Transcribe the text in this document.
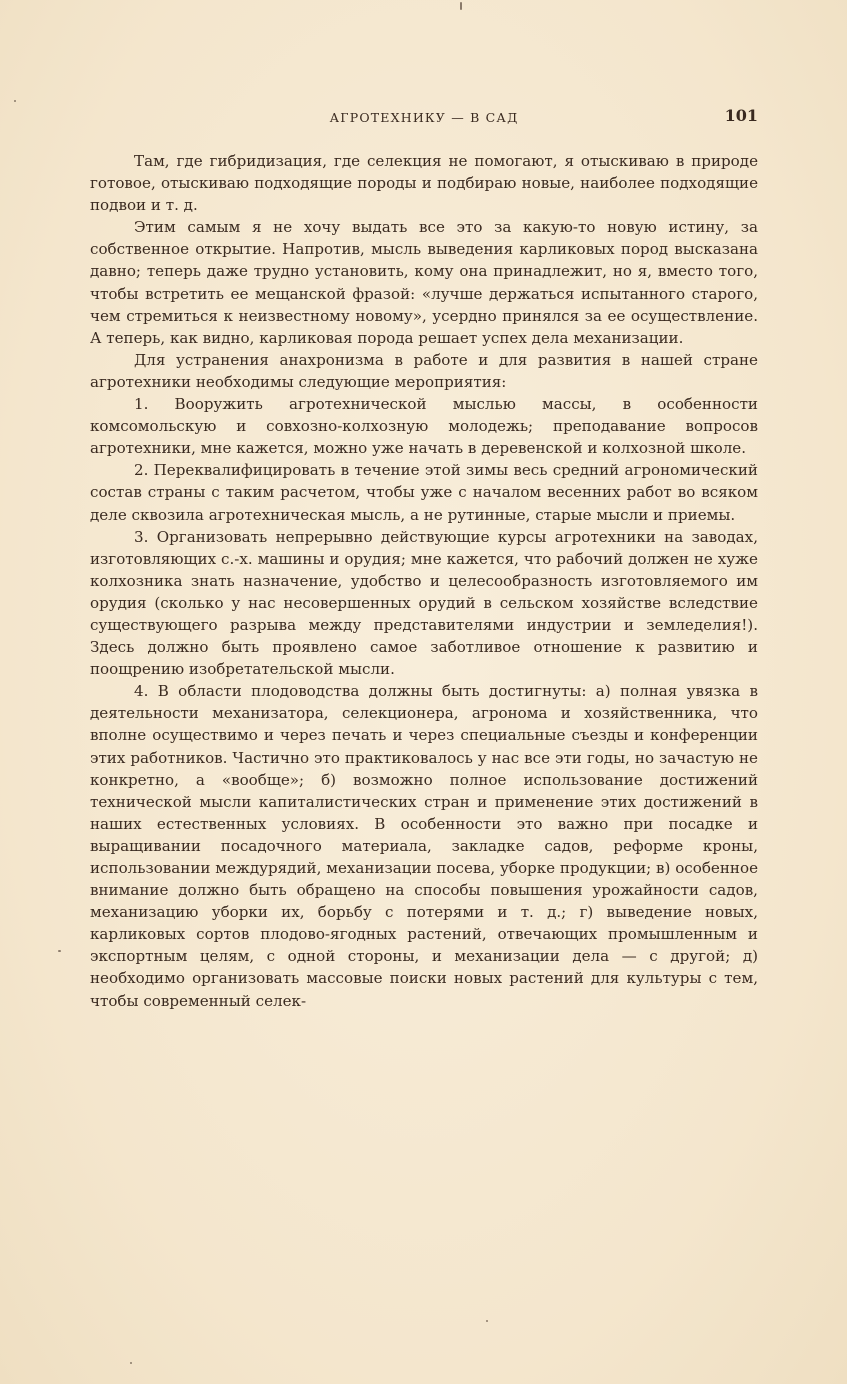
АГРОТЕХНИКУ — В САД	101

Там, где гибридизация, где селекция не помогают, я отыскиваю в природе готовое, отыскиваю подходящие породы и подбираю новые, наиболее подходящие подвои и т. д.

Этим самым я не хочу выдать все это за какую-то новую истину, за собственное открытие. Напротив, мысль выведения карликовых пород высказана давно; теперь даже трудно установить, кому она принадлежит, но я, вместо того, чтобы встретить ее мещанской фразой: «лучше держаться испытанного старого, чем стремиться к неизвестному новому», усердно принялся за ее осуществление. А теперь, как видно, карликовая порода решает успех дела механизации.

Для устранения анахронизма в работе и для развития в нашей стране агротехники необходимы следующие мероприятия:

1. Вооружить агротехнической мыслью массы, в особенности комсомольскую и совхозно-колхозную молодежь; преподавание вопросов агротехники, мне кажется, можно уже начать в деревенской и колхозной школе.

2. Переквалифицировать в течение этой зимы весь средний агрономический состав страны с таким расчетом, чтобы уже с началом весенних работ во всяком деле сквозила агротехническая мысль, а не рутинные, старые мысли и приемы.

3. Организовать непрерывно действующие курсы агротехники на заводах, изготовляющих с.-х. машины и орудия; мне кажется, что рабочий должен не хуже колхозника знать назначение, удобство и целесообразность изготовляемого им орудия (сколько у нас несовершенных орудий в сельском хозяйстве вследствие существующего разрыва между представителями индустрии и земледелия!). Здесь должно быть проявлено самое заботливое отношение к развитию и поощрению изобретательской мысли.

4. В области плодоводства должны быть достигнуты: а) полная увязка в деятельности механизатора, селекционера, агронома и хозяйственника, что вполне осуществимо и через печать и через специальные съезды и конференции этих работников. Частично это практиковалось у нас все эти годы, но зачастую не конкретно, а «вообще»; б) возможно полное использование достижений технической мысли капиталистических стран и применение этих достижений в наших естественных условиях. В особенности это важно при посадке и выращивании посадочного материала, закладке садов, реформе кроны, использовании междурядий, механизации посева, уборке продукции; в) особенное внимание должно быть обращено на способы повышения урожайности садов, механизацию уборки их, борьбу с потерями и т. д.; г) выведение новых, карликовых сортов плодово-ягодных растений, отвечающих промышленным и экспортным целям, с одной стороны, и механизации дела — с другой; д) необходимо организовать массовые поиски новых растений для культуры с тем, чтобы современный селек-
